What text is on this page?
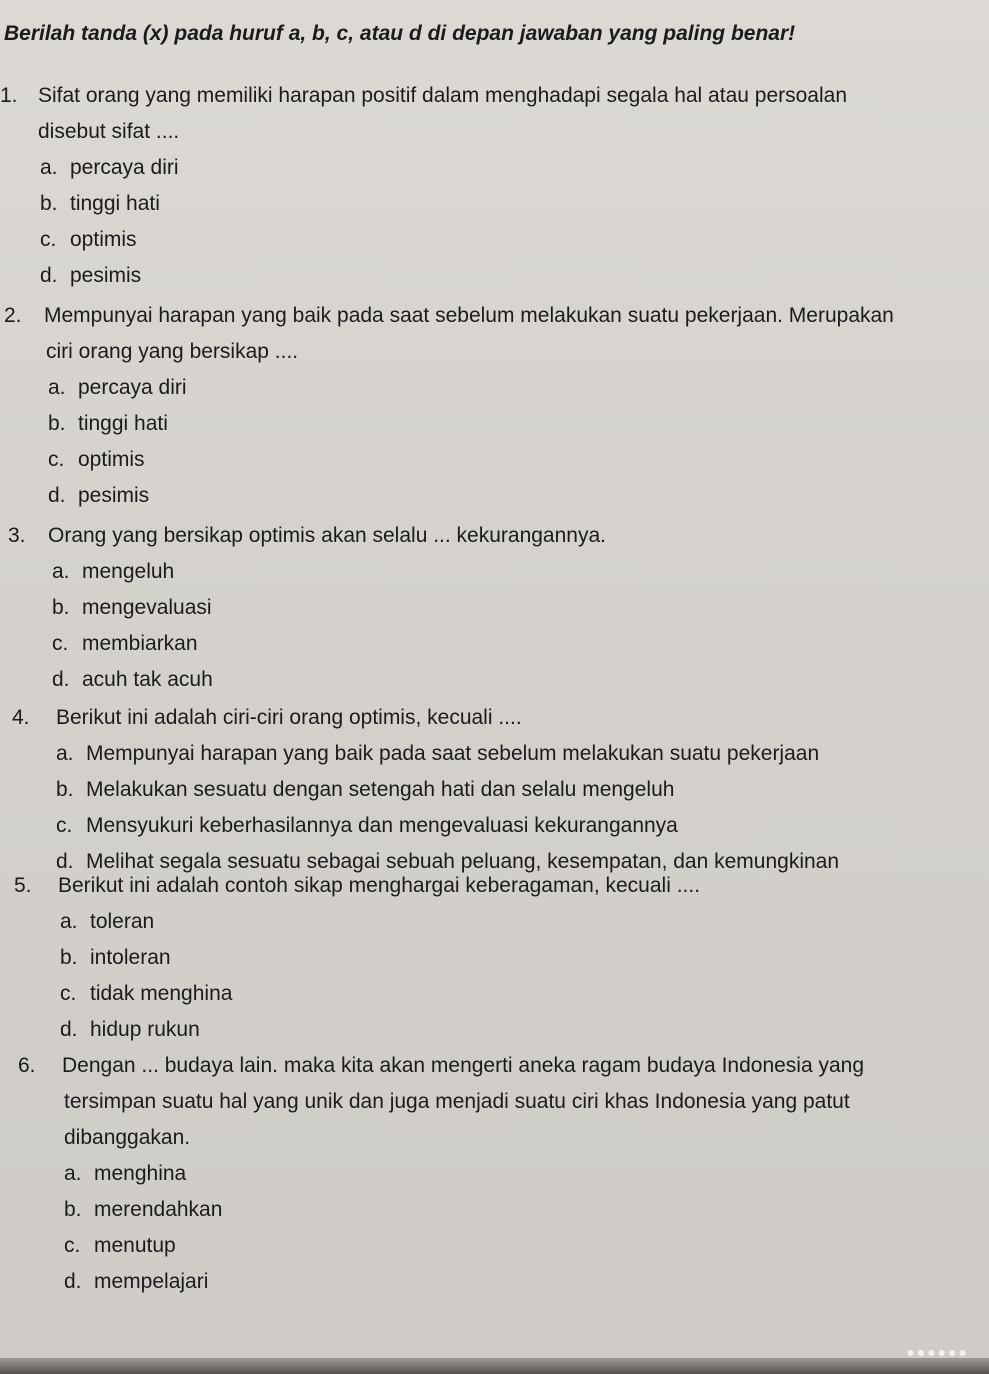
Berilah tanda (x) pada huruf a, b, c, atau d di depan jawaban yang paling benar!
1. Sifat orang yang memiliki harapan positif dalam menghadapi segala hal atau persoalan
disebut sifat ....
a. percaya diri
b. tinggi hati
c. optimis
d. pesimis
2. Mempunyai harapan yang baik pada saat sebelum melakukan suatu pekerjaan. Merupakan
ciri orang yang bersikap ....
a. percaya diri
b. tinggi hati
c. optimis
d. pesimis
3. Orang yang bersikap optimis akan selalu ... kekurangannya.
a. mengeluh
b. mengevaluasi
c. membiarkan
d. acuh tak acuh
4. Berikut ini adalah ciri-ciri orang optimis, kecuali ....
a. Mempunyai harapan yang baik pada saat sebelum melakukan suatu pekerjaan
b. Melakukan sesuatu dengan setengah hati dan selalu mengeluh
c. Mensyukuri keberhasilannya dan mengevaluasi kekurangannya
d. Melihat segala sesuatu sebagai sebuah peluang, kesempatan, dan kemungkinan
5. Berikut ini adalah contoh sikap menghargai keberagaman, kecuali ....
a. toleran
b. intoleran
c. tidak menghina
d. hidup rukun
6. Dengan ... budaya lain. maka kita akan mengerti aneka ragam budaya Indonesia yang
tersimpan suatu hal yang unik dan juga menjadi suatu ciri khas Indonesia yang patut
dibanggakan.
a. menghina
b. merendahkan
c. menutup
d. mempelajari
●●●●●●
